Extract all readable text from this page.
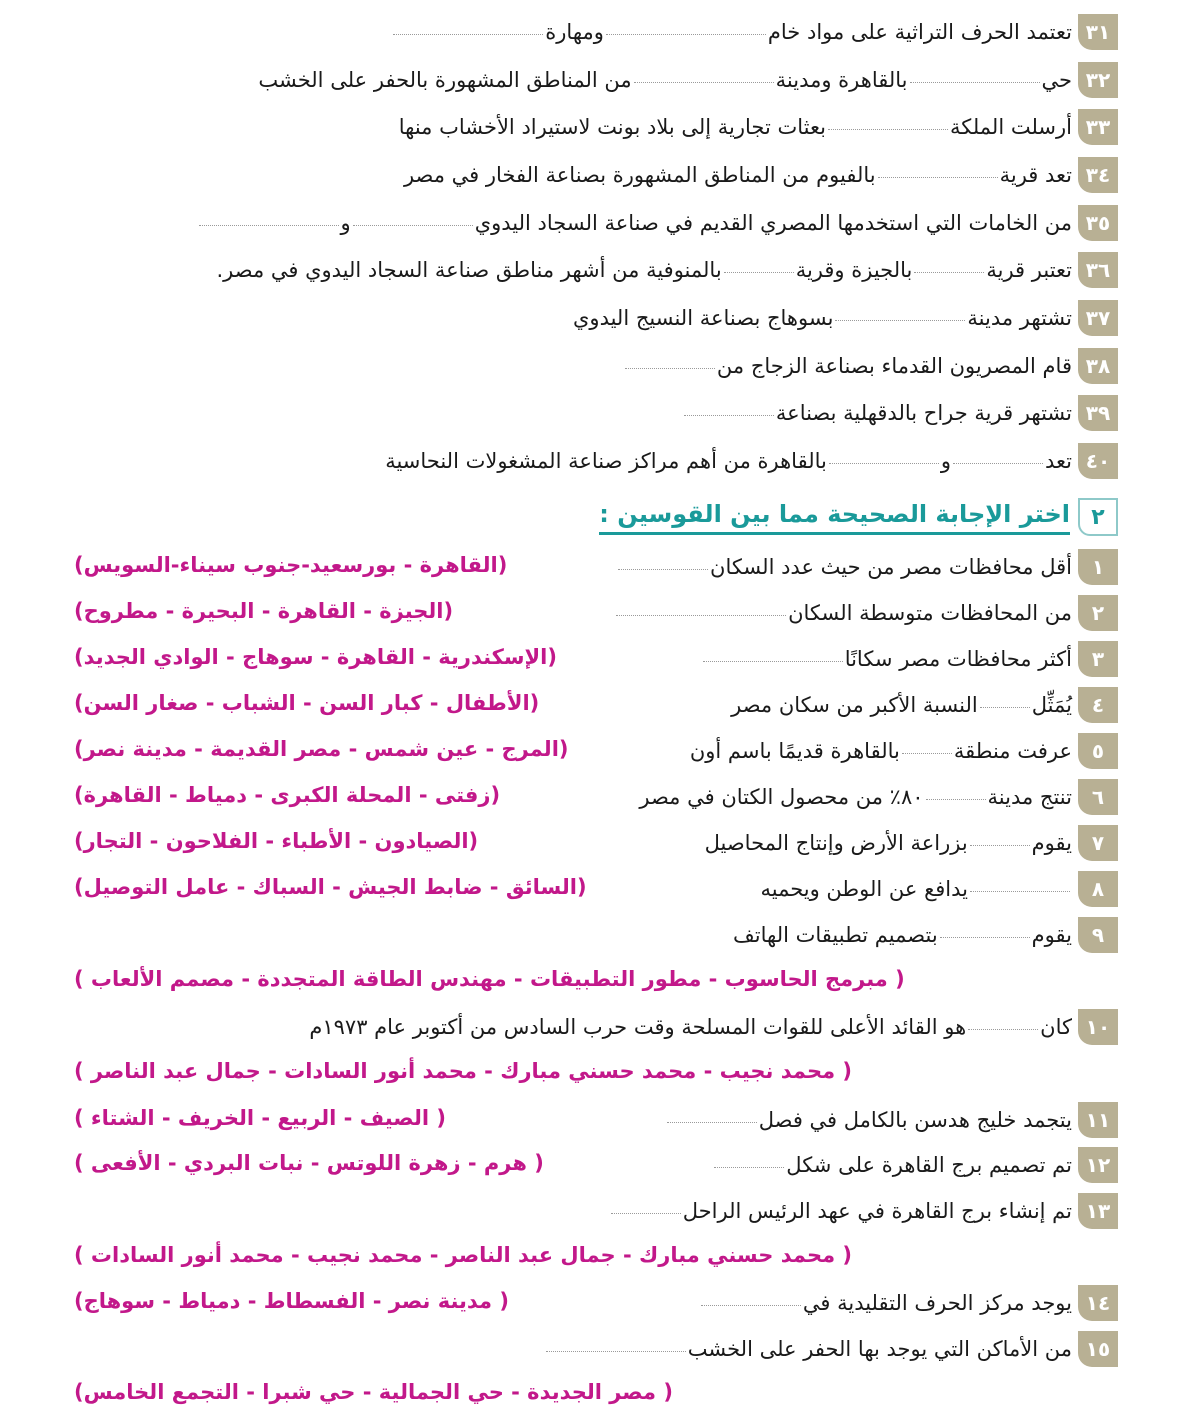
٣١
تعتمد الحرف التراثية على مواد خام
ومهارة
٣٢
حي
بالقاهرة ومدينة
من المناطق المشهورة بالحفر على الخشب
٣٣
أرسلت الملكة
بعثات تجارية إلى بلاد بونت لاستيراد الأخشاب منها
٣٤
تعد قرية
بالفيوم من المناطق المشهورة بصناعة الفخار في مصر
٣٥
من الخامات التي استخدمها المصري القديم في صناعة السجاد اليدوي
و
٣٦
تعتبر قرية
بالجيزة وقرية
بالمنوفية من أشهر مناطق صناعة السجاد اليدوي في مصر.
٣٧
تشتهر مدينة
بسوهاج بصناعة النسيج اليدوي
٣٨
قام المصريون القدماء بصناعة الزجاج من
٣٩
تشتهر قرية جراح بالدقهلية بصناعة
٤٠
تعد
و
بالقاهرة من أهم مراكز صناعة المشغولات النحاسية
٢
اختر الإجابة الصحيحة مما بين القوسين :
١
أقل محافظات مصر من حيث عدد السكان
(القاهرة - بورسعيد-جنوب سيناء-السويس)
٢
من المحافظات متوسطة السكان
(الجيزة - القاهرة - البحيرة - مطروح)
٣
أكثر محافظات مصر سكانًا
(الإسكندرية - القاهرة - سوهاج - الوادي الجديد)
٤
يُمَثِّل
النسبة الأكبر من سكان مصر
(الأطفال - كبار السن - الشباب - صغار السن)
٥
عرفت منطقة
بالقاهرة قديمًا باسم أون
(المرج - عين شمس - مصر القديمة - مدينة نصر)
٦
تنتج مدينة
٨٠٪ من محصول الكتان في مصر
(زفتى - المحلة الكبرى - دمياط - القاهرة)
٧
يقوم
بزراعة الأرض وإنتاج المحاصيل
(الصيادون - الأطباء - الفلاحون - التجار)
٨
يدافع عن الوطن ويحميه
(السائق - ضابط الجيش - السباك - عامل التوصيل)
٩
يقوم
بتصميم تطبيقات الهاتف
( مبرمج الحاسوب - مطور التطبيقات - مهندس الطاقة المتجددة - مصمم الألعاب )
١٠
كان
هو القائد الأعلى للقوات المسلحة وقت حرب السادس من أكتوبر عام ١٩٧٣م
( محمد نجيب - محمد حسني مبارك - محمد أنور السادات - جمال عبد الناصر )
١١
يتجمد خليج هدسن بالكامل في فصل
( الصيف - الربيع - الخريف - الشتاء )
١٢
تم تصميم برج القاهرة على شكل
( هرم - زهرة اللوتس - نبات البردي - الأفعى )
١٣
تم إنشاء برج القاهرة في عهد الرئيس الراحل
( محمد حسني مبارك - جمال عبد الناصر - محمد نجيب - محمد أنور السادات )
١٤
يوجد مركز الحرف التقليدية في
( مدينة نصر - الفسطاط - دمياط - سوهاج)
١٥
من الأماكن التي يوجد بها الحفر على الخشب
( مصر الجديدة - حي الجمالية - حي شبرا - التجمع الخامس)
